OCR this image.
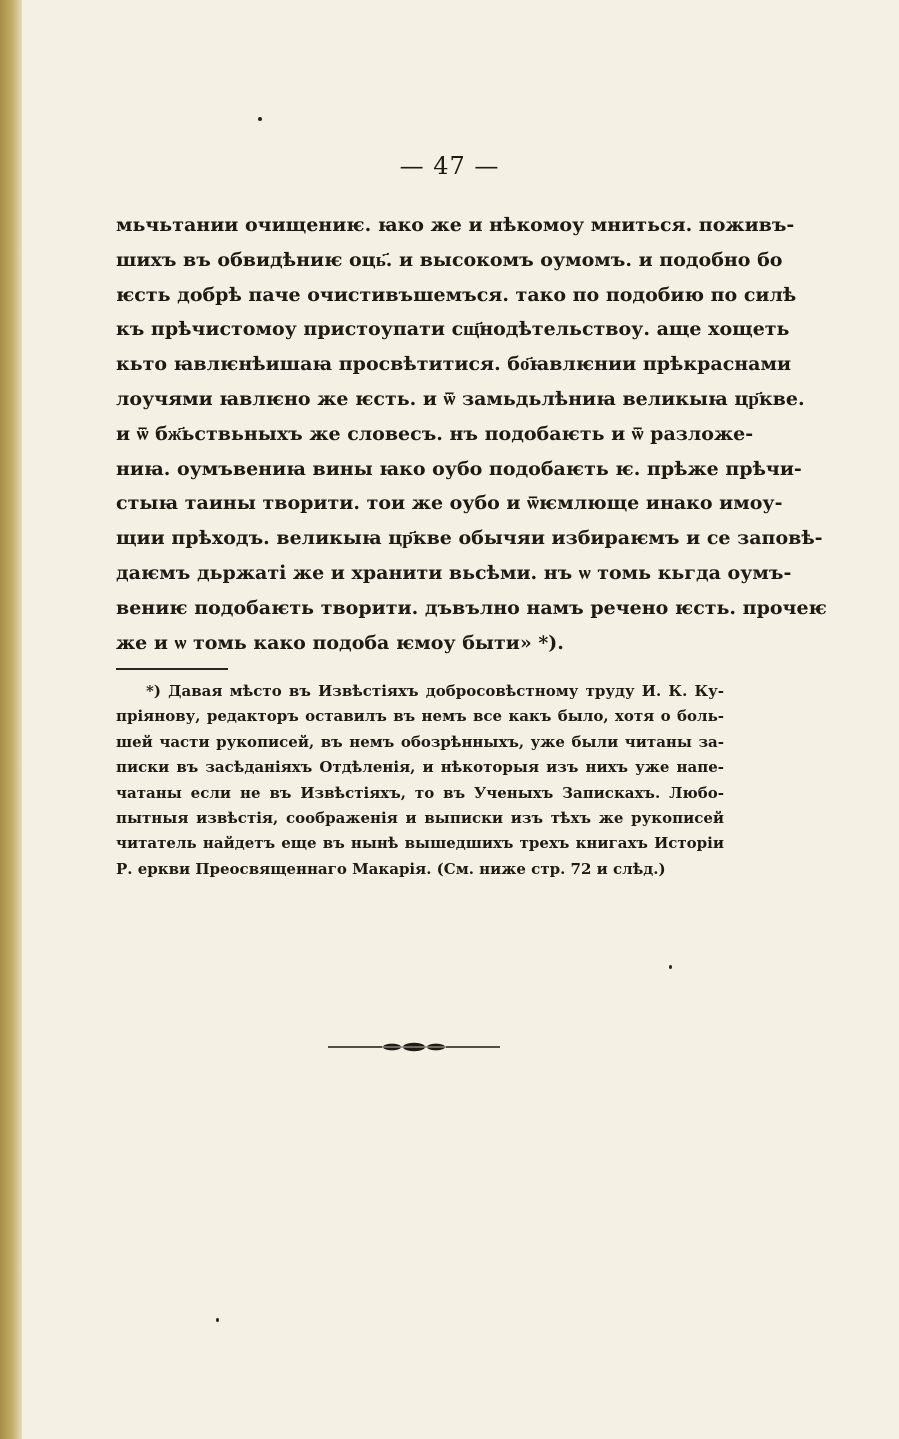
— 47 —
мьчьтании очищениѥ. ꙗко же и нѣкомоу мниться. поживъ-
шихъ въ обвидѣниѥ оць҃. и высокомъ оумомъ. и подобно бо
ѥсть добрѣ паче очистивъшемъся. тако по подобию по силѣ
къ прѣчистомоу пристоупати сщ҃нодѣтельствоу. аще хощеть
кьто ꙗвлѥнѣишаꙗ просвѣтитися. бо҃ꙗвлѥнии прѣкраснами
лоучями ꙗвлѥно же ѥсть. и ѿ замьдьлѣниꙗ великыꙗ цр҃кве.
и ѿ бж҃ьствьныхъ же словесъ. нъ подобаѥть и ѿ разложе-
ниꙗ. оумъвениꙗ вины ꙗко оубо подобаѥть ѥ. прѣже прѣчи-
стыꙗ таины творити. тои же оубо и ѿѥмлюще инако имоу-
щии прѣходъ. великыꙗ цр҃кве обычяи избираѥмъ и се заповѣ-
даѥмъ дьржаті же и хранити вьсѣми. нъ ѡ томь кьгда оумъ-
вениѥ подобаѥть творити. дъвълно намъ речено ѥсть. прочеѥ
же и ѡ томь како подоба ѥмоу быти» *).
*) Давая мѣсто въ Извѣстіяхъ добросовѣстному труду И. К. Ку-
пріянову, редакторъ оставилъ въ немъ все какъ было, хотя о боль-
шей части рукописей, въ немъ обозрѣнныхъ, уже были читаны за-
писки въ засѣданіяхъ Отдѣленія, и нѣкоторыя изъ нихъ уже напе-
чатаны если не въ Извѣстіяхъ, то въ Ученыхъ Запискахъ. Любо-
пытныя извѣстія, соображенія и выписки изъ тѣхъ же рукописей
читатель найдетъ еще въ нынѣ вышедшихъ трехъ книгахъ Исторіи
Р. еркви Преосвященнаго Макарія. (См. ниже стр. 72 и слѣд.)
